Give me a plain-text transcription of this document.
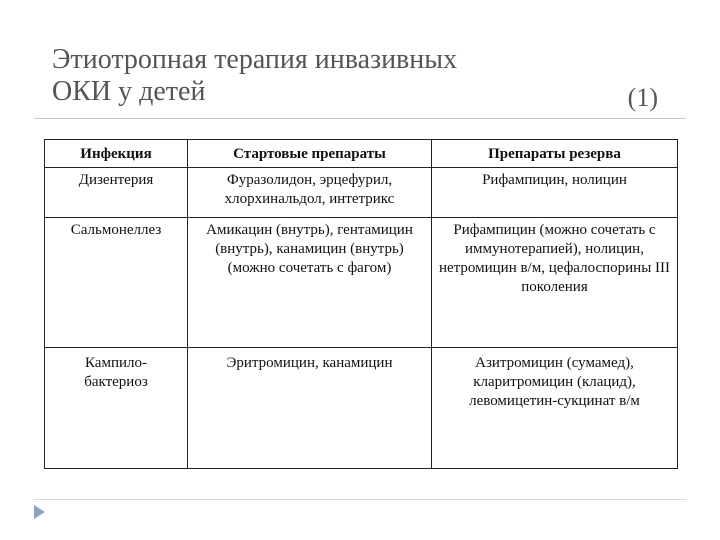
Этиотропная терапия инвазивных
ОКИ у детей	(1)
Инфекция	Стартовые препараты	Препараты резерва
Дизентерия	Фуразолидон, эрцефурил, хлорхинальдол, интетрикс	Рифампицин, нолицин
Сальмонеллез	Амикацин (внутрь), гентамицин (внутрь), канамицин (внутрь) (можно сочетать с фагом)	Рифампицин (можно сочетать с иммунотерапией), нолицин, нетромицин в/м, цефалоспорины III поколения
Кампило-
бактериоз	Эритромицин, канамицин	Азитромицин (сумамед), кларитромицин (клацид), левомицетин-сукцинат в/м
